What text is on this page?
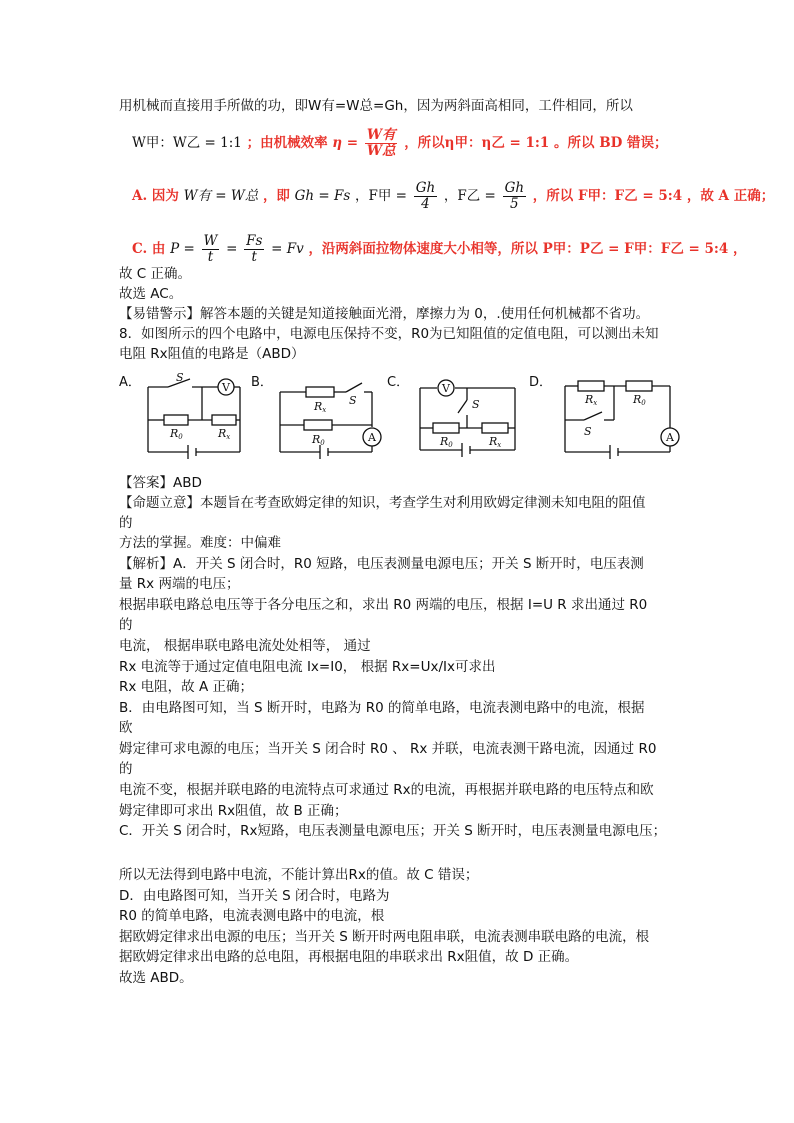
用机械而直接用手所做的功，即W有=W总=Gh，因为两斜面高相同，工件相同，所以
W甲：W乙 = 1:1 ；由机械效率 $\eta = \frac{\text{W有}}{\text{W总}}$ ，所以η甲：η乙 = 1:1 。所以 BD 错误；
A. 因为 W有 = W总 ，即 Gh = Fs ，F甲 = $\frac{Gh}{4}$ ，F乙 = $\frac{Gh}{5}$ ，所以 F甲：F乙 = 5:4 ，故 A 正确；
C. 由 $P = \frac{W}{t} = \frac{Fs}{t} = Fv$ ，沿两斜面拉物体速度大小相等，所以 P甲：P乙 = F甲：F乙 = 5:4 ，
故 C 正确。
故选 AC。
【易错警示】解答本题的关键是知道接触面光滑，摩擦力为 0，.使用任何机械都不省功。
8．如图所示的四个电路中，电源电压保持不变，R0为已知阻值的定值电阻，可以测出未知
电阻 Rx阻值的电路是（ABD）
A．	B．	C．	D．
V
S
R0	Rx
S
Rx
R0	A
V
S
R0	Rx
Rx	R0
S	A
【答案】ABD
【命题立意】本题旨在考查欧姆定律的知识，考查学生对利用欧姆定律测未知电阻的阻值
的
方法的掌握。难度：中偏难
【解析】A．开关 S 闭合时，R0 短路，电压表测量电源电压；开关 S 断开时，电压表测
量 Rx 两端的电压；
根据串联电路总电压等于各分电压之和，求出 R0 两端的电压，根据 I=U R 求出通过 R0
的
电流， 根据串联电路电流处处相等， 通过
Rx 电流等于通过定值电阻电流 Ix=I0， 根据 Rx=Ux/Ix可求出
Rx 电阻，故 A 正确；
B．由电路图可知，当 S 断开时，电路为 R0 的简单电路，电流表测电路中的电流，根据
欧
姆定律可求电源的电压；当开关 S 闭合时 R0 、 Rx 并联，电流表测干路电流，因通过 R0
的
电流不变，根据并联电路的电流特点可求通过 Rx的电流，再根据并联电路的电压特点和欧
姆定律即可求出 Rx阻值，故 B 正确；
C．开关 S 闭合时，Rx短路，电压表测量电源电压；开关 S 断开时，电压表测量电源电压；
所以无法得到电路中电流，不能计算出Rx的值。故 C 错误；
D．由电路图可知，当开关 S 闭合时，电路为
R0 的简单电路，电流表测电路中的电流，根
据欧姆定律求出电源的电压；当开关 S 断开时两电阻串联，电流表测串联电路的电流，根
据欧姆定律求出电路的总电阻，再根据电阻的串联求出 Rx阻值，故 D 正确。
故选 ABD。
